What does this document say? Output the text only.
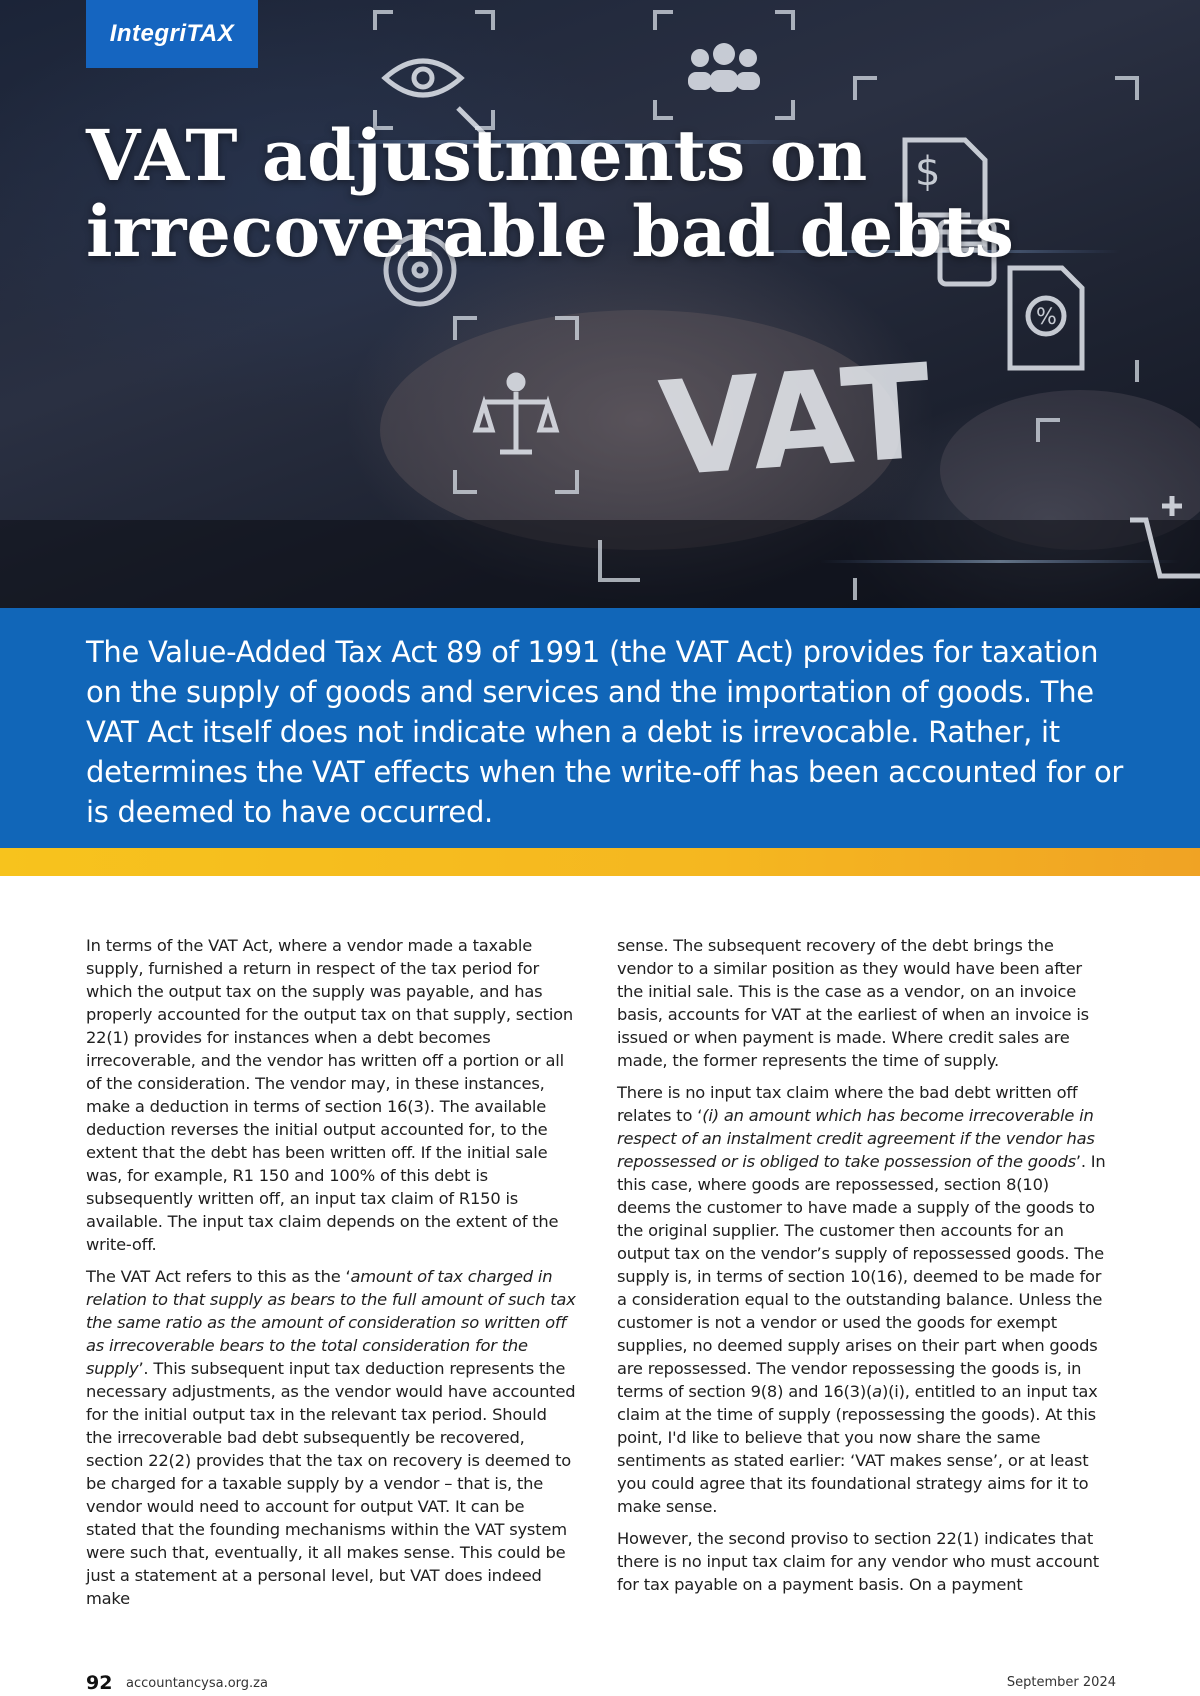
$
%
VAT
IntegriTAX
VAT adjustments on
irrecoverable bad debts

The Value-Added Tax Act 89 of 1991 (the VAT Act) provides for taxation on the supply of goods and services and the importation of goods. The VAT Act itself does not indicate when a debt is irrevocable. Rather, it determines the VAT effects when the write-off has been accounted for or is deemed to have occurred.

In terms of the VAT Act, where a vendor made a taxable supply, furnished a return in respect of the tax period for which the output tax on the supply was payable, and has properly accounted for the output tax on that supply, section 22(1) provides for instances when a debt becomes irrecoverable, and the vendor has written off a portion or all of the consideration. The vendor may, in these instances, make a deduction in terms of section 16(3). The available deduction reverses the initial output accounted for, to the extent that the debt has been written off. If the initial sale was, for example, R1 150 and 100% of this debt is subsequently written off, an input tax claim of R150 is available. The input tax claim depends on the extent of the write-off.

The VAT Act refers to this as the ‘amount of tax charged in relation to that supply as bears to the full amount of such tax the same ratio as the amount of consideration so written off as irrecoverable bears to the total consideration for the supply’. This subsequent input tax deduction represents the necessary adjustments, as the vendor would have accounted for the initial output tax in the relevant tax period. Should the irrecoverable bad debt subsequently be recovered, section 22(2) provides that the tax on recovery is deemed to be charged for a taxable supply by a vendor – that is, the vendor would need to account for output VAT. It can be stated that the founding mechanisms within the VAT system were such that, eventually, it all makes sense. This could be just a statement at a personal level, but VAT does indeed make

sense. The subsequent recovery of the debt brings the vendor to a similar position as they would have been after the initial sale. This is the case as a vendor, on an invoice basis, accounts for VAT at the earliest of when an invoice is issued or when payment is made. Where credit sales are made, the former represents the time of supply.

There is no input tax claim where the bad debt written off relates to ‘(i) an amount which has become irrecoverable in respect of an instalment credit agreement if the vendor has repossessed or is obliged to take possession of the goods’. In this case, where goods are repossessed, section 8(10) deems the customer to have made a supply of the goods to the original supplier. The customer then accounts for an output tax on the vendor’s supply of repossessed goods. The supply is, in terms of section 10(16), deemed to be made for a consideration equal to the outstanding balance. Unless the customer is not a vendor or used the goods for exempt supplies, no deemed supply arises on their part when goods are repossessed. The vendor repossessing the goods is, in terms of section 9(8) and 16(3)(a)(i), entitled to an input tax claim at the time of supply (repossessing the goods). At this point, I'd like to believe that you now share the same sentiments as stated earlier: ‘VAT makes sense’, or at least you could agree that its foundational strategy aims for it to make sense.

However, the second proviso to section 22(1) indicates that there is no input tax claim for any vendor who must account for tax payable on a payment basis. On a payment

92 accountancysa.org.za	September 2024
